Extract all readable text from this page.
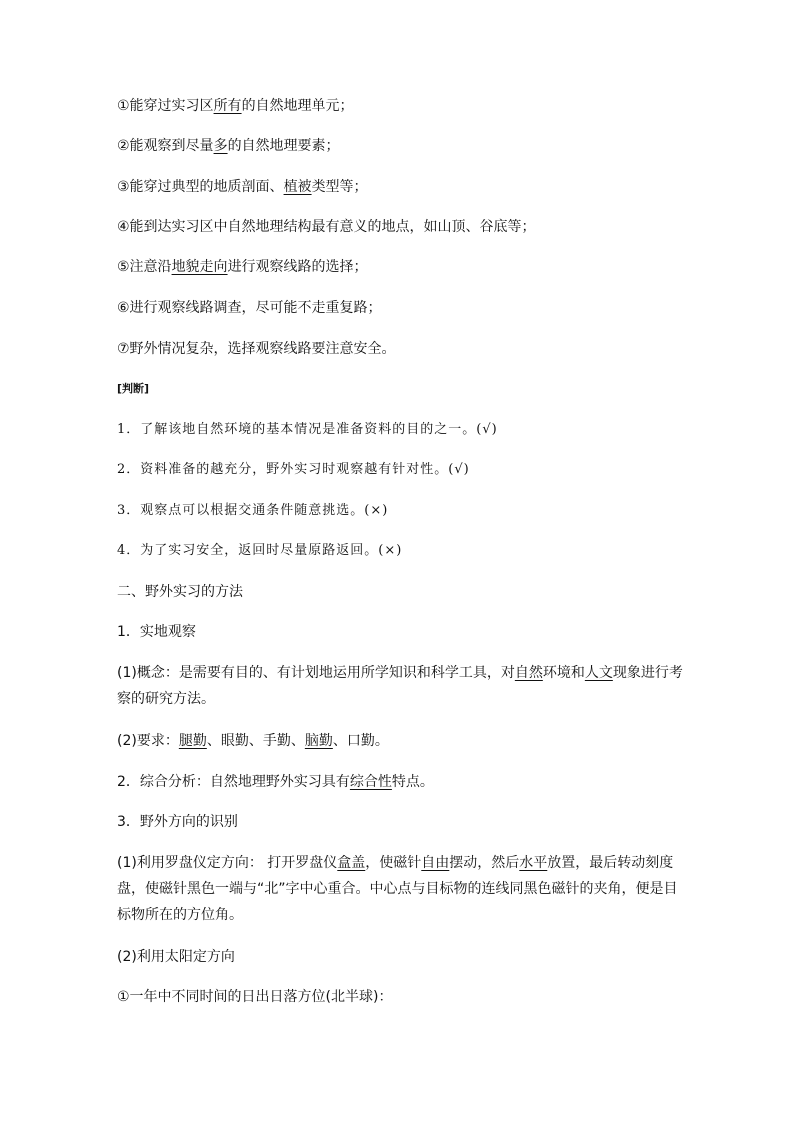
①能穿过实习区所有的自然地理单元；
②能观察到尽量多的自然地理要素；
③能穿过典型的地质剖面、植被类型等；
④能到达实习区中自然地理结构最有意义的地点，如山顶、谷底等；
⑤注意沿地貌走向进行观察线路的选择；
⑥进行观察线路调查，尽可能不走重复路；
⑦野外情况复杂，选择观察线路要注意安全。
[判断]
1．了解该地自然环境的基本情况是准备资料的目的之一。(√)
2．资料准备的越充分，野外实习时观察越有针对性。(√)
3．观察点可以根据交通条件随意挑选。(×)
4．为了实习安全，返回时尽量原路返回。(×)
二、野外实习的方法
1．实地观察
(1)概念：是需要有目的、有计划地运用所学知识和科学工具，对自然环境和人文现象进行考察的研究方法。
(2)要求：腿勤、眼勤、手勤、脑勤、口勤。
2．综合分析：自然地理野外实习具有综合性特点。
3．野外方向的识别
(1)利用罗盘仪定方向： 打开罗盘仪盒盖，使磁针自由摆动，然后水平放置，最后转动刻度盘，使磁针黑色一端与“北”字中心重合。中心点与目标物的连线同黑色磁针的夹角，便是目标物所在的方位角。
(2)利用太阳定方向
①一年中不同时间的日出日落方位(北半球)：
